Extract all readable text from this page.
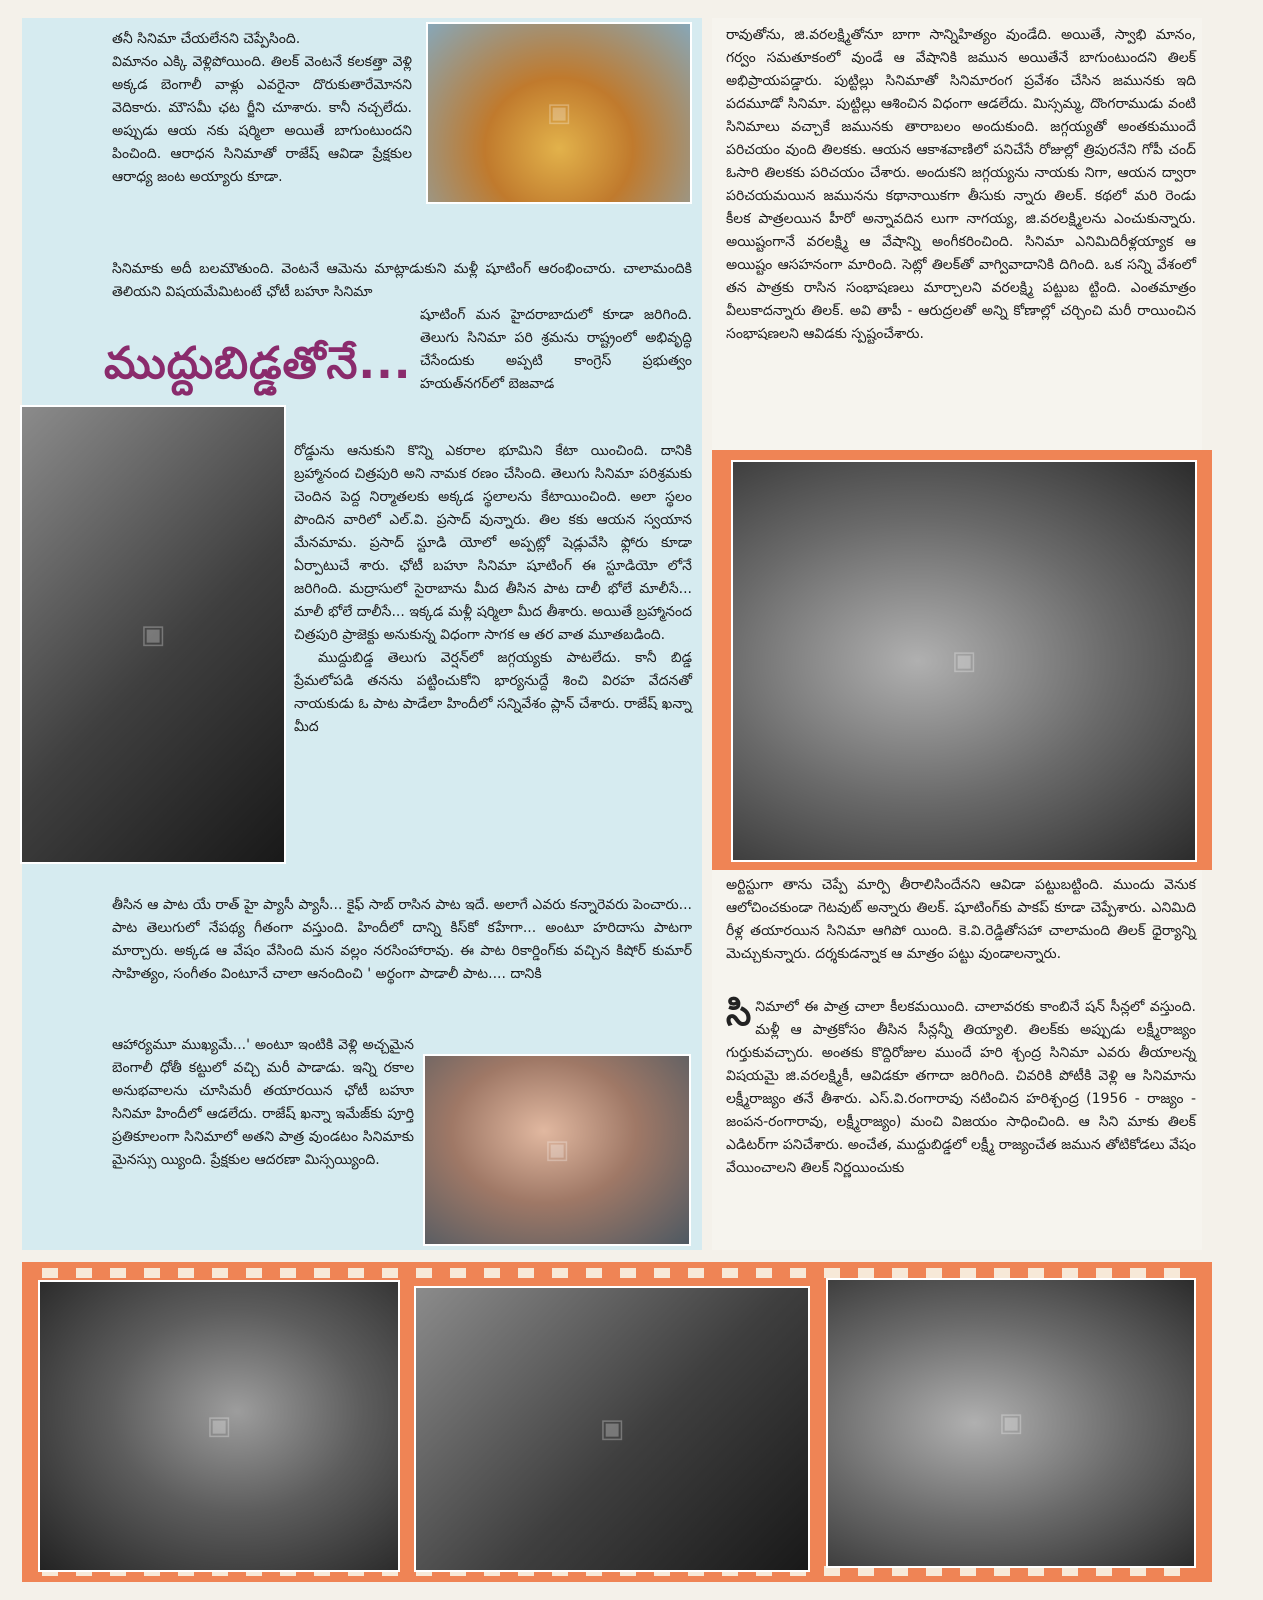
▣
▣
▣
▣
▣	▣	▣
ముద్దుబిడ్డతోనే...

తనీ సినిమా చేయలేనని చెప్పేసింది.

విమానం ఎక్కి వెళ్లిపోయింది. తిలక్ వెంటనే కలకత్తా వెళ్లి అక్కడ బెంగాలీ వాళ్లు ఎవరైనా దొరుకుతారేమోనని వెదికారు. మౌసమీ ఛట ర్జీని చూశారు. కానీ నచ్చలేదు. అప్పుడు ఆయ నకు షర్మిలా అయితే బాగుంటుందని పించింది. ఆరాధన సినిమాతో రాజేష్ ఆవిడా ప్రేక్షకుల ఆరాధ్య జంట అయ్యారు కూడా.

సినిమాకు అదీ బలమౌతుంది. వెంటనే ఆమెను మాట్లాడుకుని మళ్లీ షూటింగ్ ఆరంభించారు. చాలామందికి తెలియని విషయమేమిటంటే ఛోటీ బహూ సినిమా

షూటింగ్ మన హైదరాబాదులో కూడా జరిగింది. తెలుగు సినిమా పరి శ్రమను రాష్ట్రంలో అభివృద్ధి చేసేందుకు అప్పటి కాంగ్రెస్ ప్రభుత్వం హయత్‌నగర్‌లో బెజవాడ

రోడ్డును ఆనుకుని కొన్ని ఎకరాల భూమిని కేటా యించింది. దానికి బ్రహ్మానంద చిత్రపురి అని నామక రణం చేసింది. తెలుగు సినిమా పరిశ్రమకు చెందిన పెద్ద నిర్మాతలకు అక్కడ స్థలాలను కేటాయించింది. అలా స్థలం పొందిన వారిలో ఎల్.వి. ప్రసాద్ వున్నారు. తిల కకు ఆయన స్వయాన మేనమామ. ప్రసాద్ స్టూడి యోలో అప్పట్లో షెడ్లువేసి ఫ్లోరు కూడా ఏర్పాటుచే శారు. ఛోటీ బహూ సినిమా షూటింగ్ ఈ స్టూడియో లోనే జరిగింది. మద్రాసులో సైరాబాను మీద తీసిన పాట దాలీ భోలే మాలీసే... మాలీ భోలే దాలీసే... ఇక్కడ మళ్లీ షర్మిలా మీద తీశారు. అయితే బ్రహ్మానంద చిత్రపురి ప్రాజెక్టు అనుకున్న విధంగా సాగక ఆ తర వాత మూతబడింది.

ముద్దుబిడ్డ తెలుగు వెర్షన్‌లో జగ్గయ్యకు పాటలేదు. కానీ బిడ్డ ప్రేమలోపడి తనను పట్టించుకోని భార్యనుద్దే శించి విరహ వేదనతో నాయకుడు ఓ పాట పాడేలా హిందీలో సన్నివేశం ప్లాన్ చేశారు. రాజేష్ ఖన్నా మీద

తీసిన ఆ పాట యే రాత్ హై ప్యాసీ ప్యాసీ... కైఫ్ సాబ్ రాసిన పాట ఇదే. అలాగే ఎవరు కన్నారెవరు పెంచారు... పాట తెలుగులో నేపథ్య గీతంగా వస్తుంది. హిందీలో దాన్ని కిస్‌కో కహేగా... అంటూ హరిదాసు పాటగా మార్చారు. అక్కడ ఆ వేషం వేసింది మన వల్లం నరసింహారావు. ఈ పాట రికార్డింగ్‌కు వచ్చిన కిషోర్ కుమార్ సాహిత్యం, సంగీతం వింటూనే చాలా ఆనందించి ' అర్థంగా పాడాలీ పాట.... దానికి

ఆహార్యమూ ముఖ్యమే...' అంటూ ఇంటికి వెళ్లి అచ్చమైన బెంగాలీ ధోతీ కట్టులో వచ్చి మరీ పాడాడు. ఇన్ని రకాల అనుభవాలను చూసిమరీ తయారయిన ఛోటీ బహూ సినిమా హిందీలో ఆడలేదు. రాజేష్ ఖన్నా ఇమేజ్‌కు పూర్తి ప్రతికూలంగా సినిమాలో అతని పాత్ర వుండటం సినిమాకు మైనస్సు య్యింది. ప్రేక్షకుల ఆదరణా మిస్సయ్యింది.

రావుతోను, జి.వరలక్ష్మితోనూ బాగా సాన్నిహిత్యం వుండేది. అయితే, స్వాభి మానం, గర్వం సమతూకంలో వుండే ఆ వేషానికి జమున అయితేనే బాగుంటుందని తిలక్ అభిప్రాయపడ్డారు. పుట్టిల్లు సినిమాతో సినిమారంగ ప్రవేశం చేసిన జమునకు ఇది పదమూడో సినిమా. పుట్టిల్లు ఆశించిన విధంగా ఆడలేదు. మిస్సమ్మ, దొంగరాముడు వంటి సినిమాలు వచ్చాకే జమునకు తారాబలం అందుకుంది. జగ్గయ్యతో అంతకుముందే పరిచయం వుంది తిలకకు. ఆయన ఆకాశవాణిలో పనిచేసే రోజుల్లో త్రిపురనేని గోపీ చంద్ ఓసారి తిలకకు పరిచయం చేశారు. అందుకని జగ్గయ్యను నాయకు నిగా, ఆయన ద్వారా పరిచయమయిన జమునను కథానాయికగా తీసుకు న్నారు తిలక్. కథలో మరి రెండు కీలక పాత్రలయిన హీరో అన్నావదిన లుగా నాగయ్య, జి.వరలక్ష్మిలను ఎంచుకున్నారు. అయిష్టంగానే వరలక్ష్మి ఆ వేషాన్ని అంగీకరించింది. సినిమా ఎనిమిదిరీళ్లయ్యాక ఆ అయిష్టం ఆసహనంగా మారింది. సెట్లో తిలక్‌తో వాగ్వివాదానికి దిగింది. ఒక సన్ని వేశంలో తన పాత్రకు రాసిన సంభాషణలు మార్చాలని వరలక్ష్మి పట్టుబ ట్టింది. ఎంతమాత్రం వీలుకాదన్నారు తిలక్. అవి తాపీ - ఆరుద్రలతో అన్ని కోణాల్లో చర్చించి మరీ రాయించిన సంభాషణలని ఆవిడకు స్పష్టంచేశారు.

అర్టిస్టుగా తాను చెప్పే మార్పి తీరాలిసిందేనని ఆవిడా పట్టుబట్టింది. ముందు వెనుక ఆలోచించకుండా గెటవుట్ అన్నారు తిలక్. షూటింగ్‌కు పాకప్ కూడా చెప్పేశారు. ఎనిమిది రీళ్ల తయారయిన సినిమా ఆగిపో యింది. కె.వి.రెడ్డితోసహా చాలామంది తిలక్ ధైర్యాన్ని మెచ్చుకున్నారు. దర్శకుడన్నాక ఆ మాత్రం పట్టు వుండాలన్నారు.

సినిమాలో ఈ పాత్ర చాలా కీలకమయింది. చాలావరకు కాంబినే షన్ సీన్లలో వస్తుంది. మళ్లీ ఆ పాత్రకోసం తీసిన సీన్లన్నీ తియ్యాలి. తిలక్‌కు అప్పుడు లక్ష్మీరాజ్యం గుర్తుకువచ్చారు. అంతకు కొద్దిరోజుల ముందే హరి శ్చంద్ర సినిమా ఎవరు తీయాలన్న విషయమై జి.వరలక్ష్మికీ, ఆవిడకూ తగాదా జరిగింది. చివరికి పోటీకి వెళ్లి ఆ సినిమాను లక్ష్మీరాజ్యం తనే తీశారు. ఎస్.వి.రంగారావు నటించిన హరిశ్చంద్ర (1956 - రాజ్యం - జంపన-రంగారావు, లక్ష్మీరాజ్యం) మంచి విజయం సాధించింది. ఆ సిని మాకు తిలక్ ఎడిటర్‌గా పనిచేశారు. అంచేత, ముద్దుబిడ్డలో లక్ష్మీ రాజ్యంచేత జమున తోటికోడలు వేషం వేయించాలని తిలక్ నిర్ణయించుకు
